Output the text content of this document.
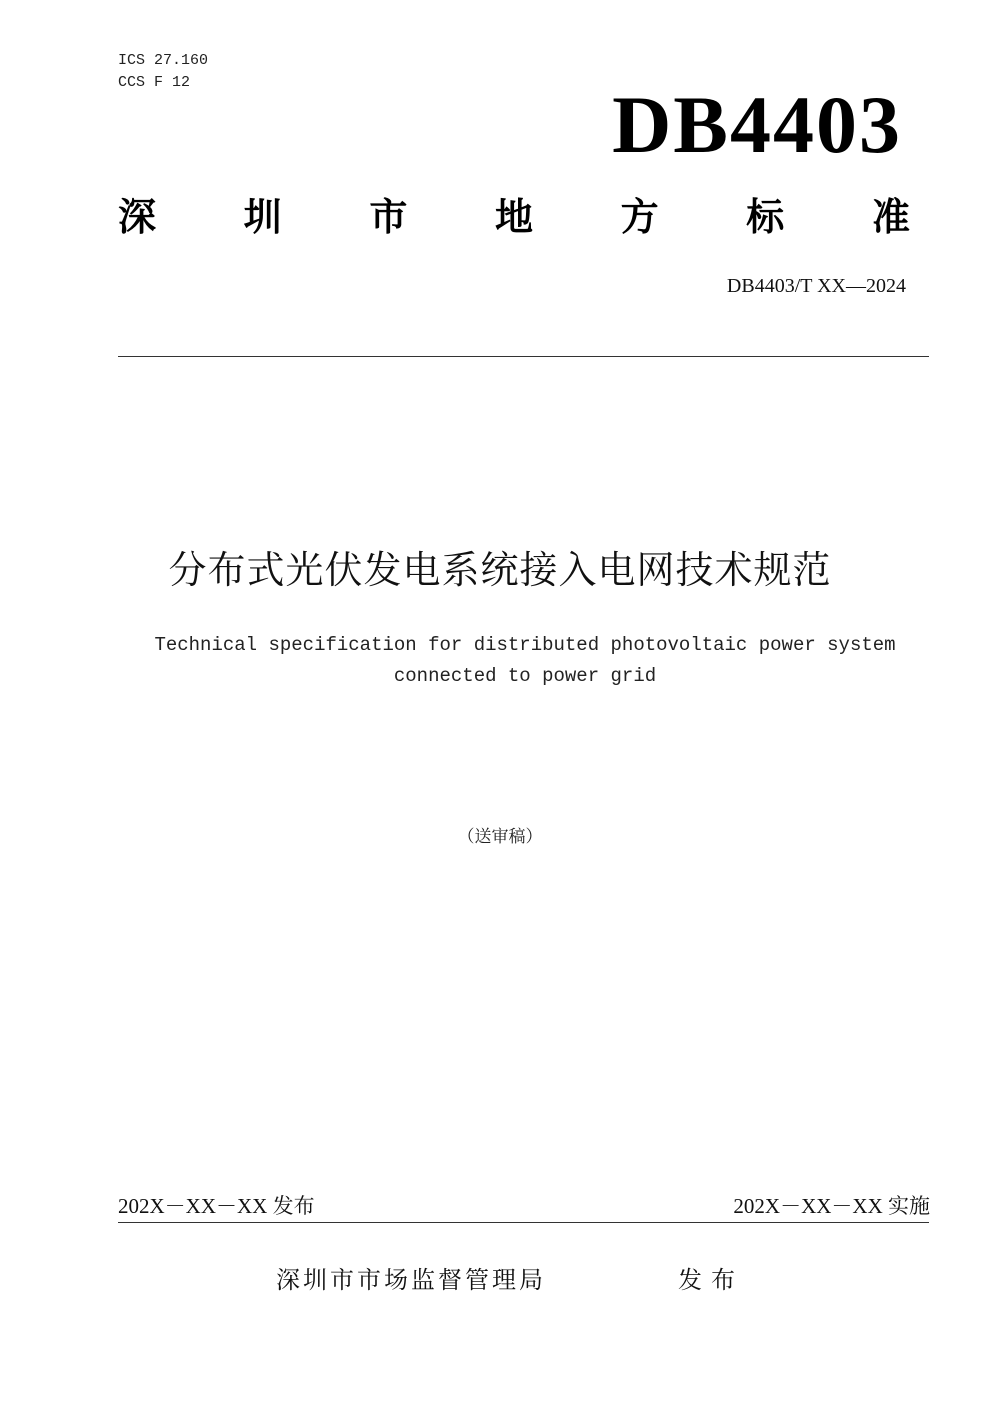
ICS 27.160
CCS F 12	DB4403
深 圳 市 地 方 标 准
DB4403/T XX—2024
分布式光伏发电系统接入电网技术规范
Technical specification for distributed photovoltaic power system
connected to power grid
（送审稿）
202X－XX－XX 发布	202X－XX－XX 实施
深圳市市场监督管理局	发布
